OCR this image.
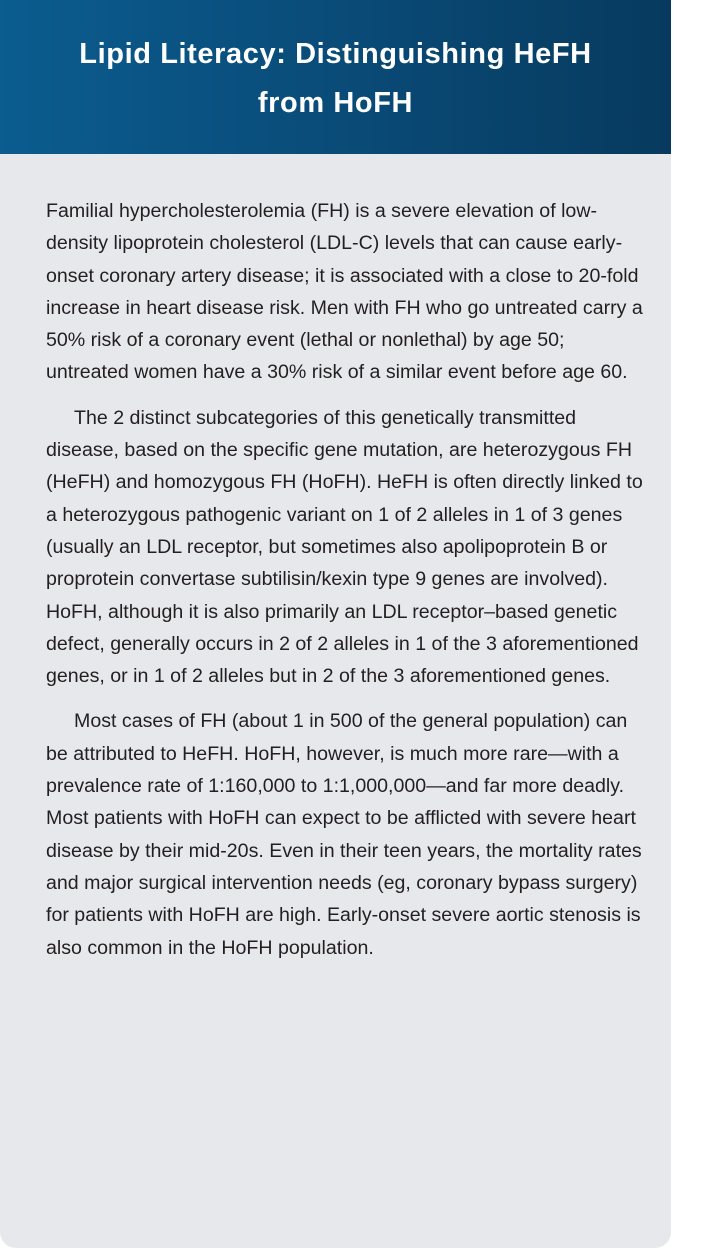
Lipid Literacy: Distinguishing HeFH from HoFH

Familial hypercholesterolemia (FH) is a severe elevation of low-density lipoprotein cholesterol (LDL-C) levels that can cause early-onset coronary artery disease; it is associated with a close to 20-fold increase in heart disease risk. Men with FH who go untreated carry a 50% risk of a coronary event (lethal or nonlethal) by age 50; untreated women have a 30% risk of a similar event before age 60.

The 2 distinct subcategories of this genetically transmitted disease, based on the specific gene mutation, are heterozygous FH (HeFH) and homozygous FH (HoFH). HeFH is often directly linked to a heterozygous pathogenic variant on 1 of 2 alleles in 1 of 3 genes (usually an LDL receptor, but sometimes also apolipoprotein B or proprotein convertase subtilisin/kexin type 9 genes are involved). HoFH, although it is also primarily an LDL receptor–based genetic defect, generally occurs in 2 of 2 alleles in 1 of the 3 aforementioned genes, or in 1 of 2 alleles but in 2 of the 3 aforementioned genes.

Most cases of FH (about 1 in 500 of the general population) can be attributed to HeFH. HoFH, however, is much more rare—with a prevalence rate of 1:160,000 to 1:1,000,000—and far more deadly. Most patients with HoFH can expect to be afflicted with severe heart disease by their mid-20s. Even in their teen years, the mortality rates and major surgical intervention needs (eg, coronary bypass surgery) for patients with HoFH are high. Early-onset severe aortic stenosis is also common in the HoFH population.
